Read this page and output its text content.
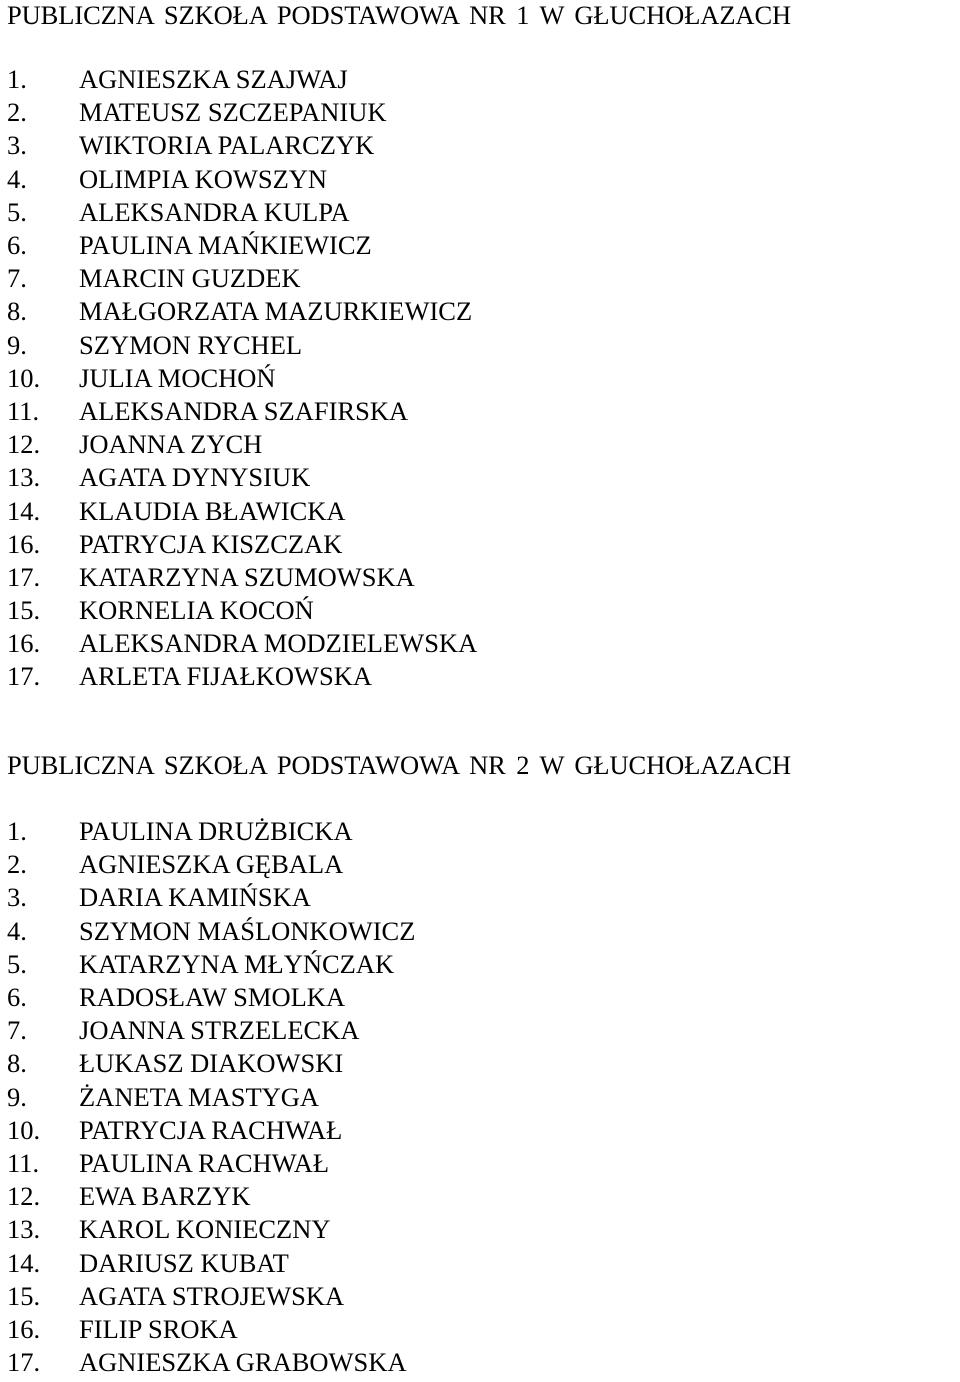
PUBLICZNA SZKOŁA PODSTAWOWA NR 1 W GŁUCHOŁAZACH
1.	AGNIESZKA SZAJWAJ
2.	MATEUSZ SZCZEPANIUK
3.	WIKTORIA PALARCZYK
4.	OLIMPIA KOWSZYN
5.	ALEKSANDRA KULPA
6.	PAULINA MAŃKIEWICZ
7.	MARCIN GUZDEK
8.	MAŁGORZATA MAZURKIEWICZ
9.	SZYMON RYCHEL
10.	JULIA MOCHOŃ
11.	ALEKSANDRA SZAFIRSKA
12.	JOANNA ZYCH
13.	AGATA DYNYSIUK
14.	KLAUDIA BŁAWICKA
16.	PATRYCJA KISZCZAK
17.	KATARZYNA SZUMOWSKA
15.	KORNELIA KOCOŃ
16.	ALEKSANDRA MODZIELEWSKA
17.	ARLETA FIJAŁKOWSKA
PUBLICZNA SZKOŁA PODSTAWOWA NR 2 W GŁUCHOŁAZACH
1.	PAULINA DRUŻBICKA
2.	AGNIESZKA GĘBALA
3.	DARIA KAMIŃSKA
4.	SZYMON MAŚLONKOWICZ
5.	KATARZYNA MŁYŃCZAK
6.	RADOSŁAW SMOLKA
7.	JOANNA STRZELECKA
8.	ŁUKASZ DIAKOWSKI
9.	ŻANETA MASTYGA
10.	PATRYCJA RACHWAŁ
11.	PAULINA RACHWAŁ
12.	EWA BARZYK
13.	KAROL KONIECZNY
14.	DARIUSZ KUBAT
15.	AGATA STROJEWSKA
16.	FILIP SROKA
17.	AGNIESZKA GRABOWSKA
